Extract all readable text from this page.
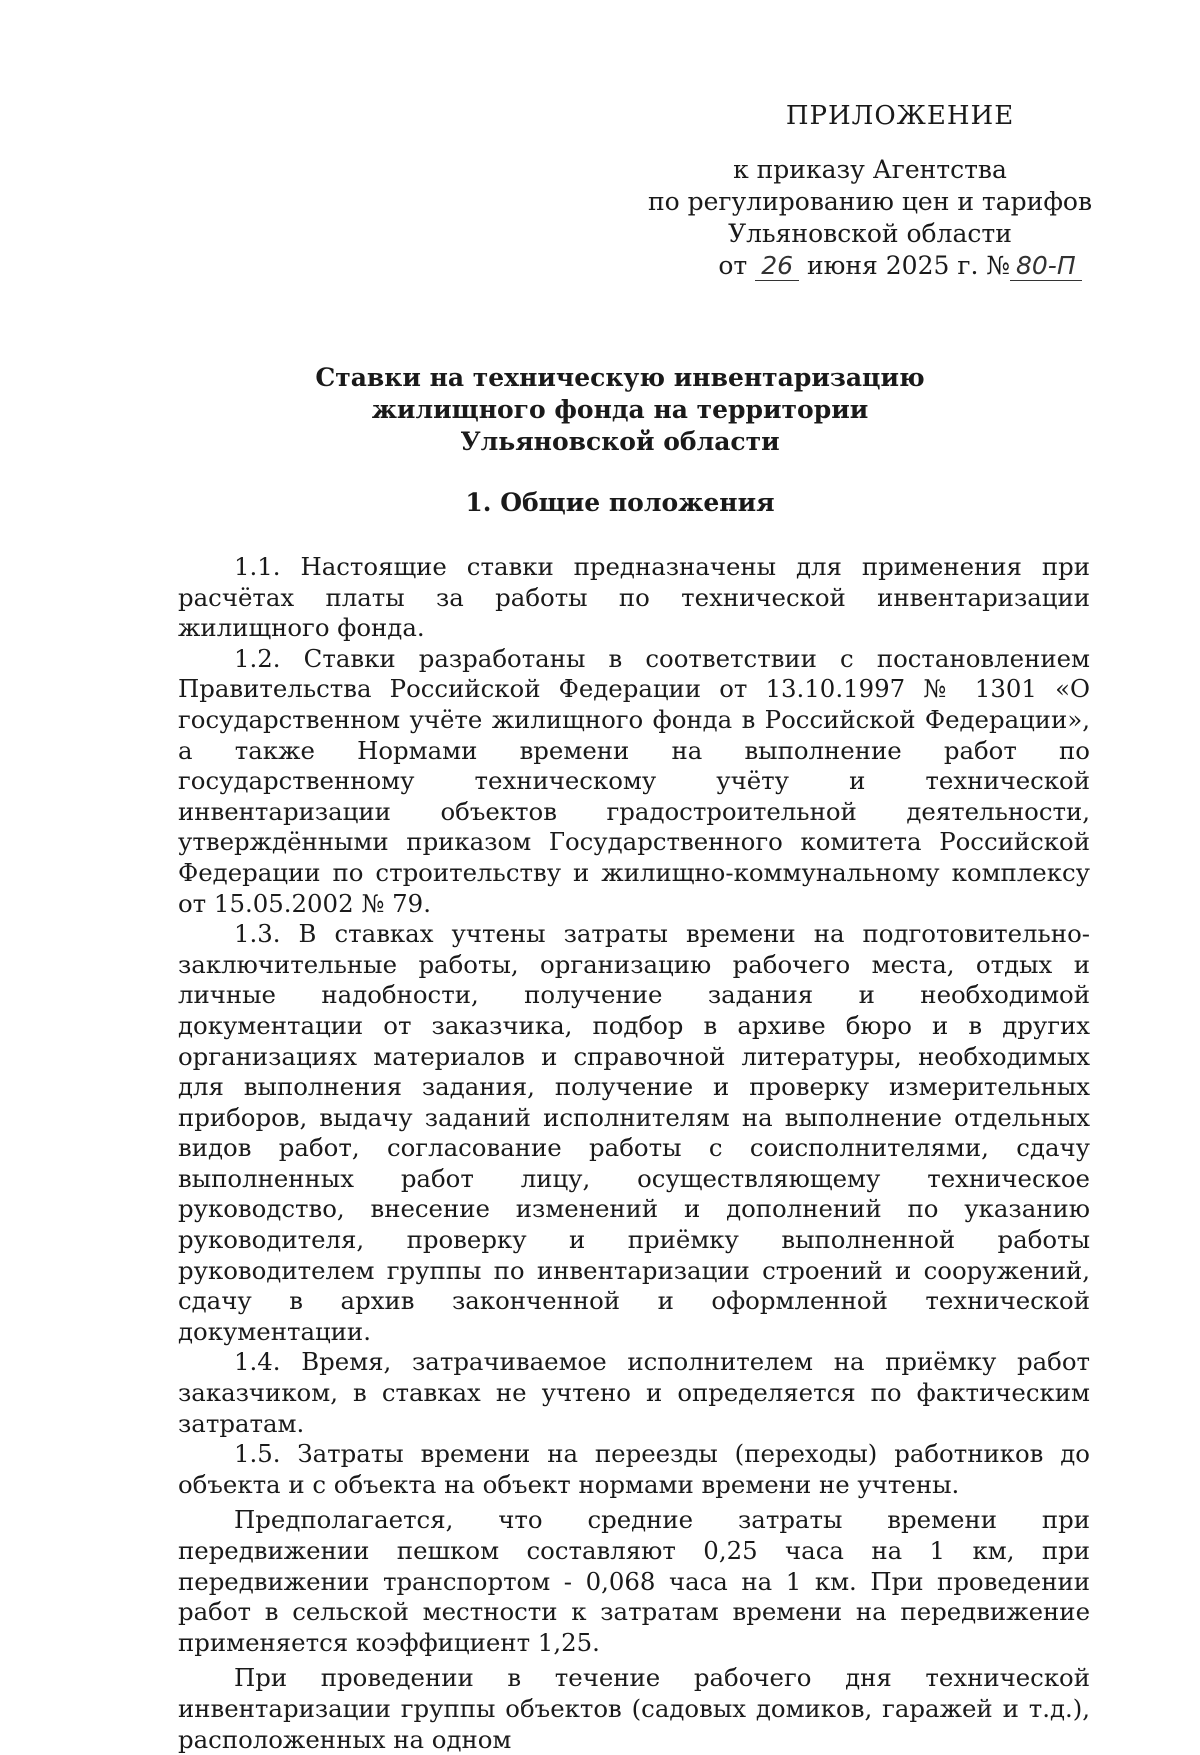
ПРИЛОЖЕНИЕ
к приказу Агентства
по регулированию цен и тарифов
Ульяновской области
от 26 июня 2025 г. № 80-П
Ставки на техническую инвентаризацию
жилищного фонда на территории
Ульяновской области
1. Общие положения

1.1. Настоящие ставки предназначены для применения при расчётах платы за работы по технической инвентаризации жилищного фонда.

1.2. Ставки разработаны в соответствии с постановлением Правительства Российской Федерации от 13.10.1997 № 1301 «О государственном учёте жилищного фонда в Российской Федерации», а также Нормами времени на выполнение работ по государственному техническому учёту и технической инвентаризации объектов градостроительной деятельности, утверждёнными приказом Государственного комитета Российской Федерации по строительству и жилищно-коммунальному комплексу от 15.05.2002 № 79.

1.3. В ставках учтены затраты времени на подготовительно-заключительные работы, организацию рабочего места, отдых и личные надобности, получение задания и необходимой документации от заказчика, подбор в архиве бюро и в других организациях материалов и справочной литературы, необходимых для выполнения задания, получение и проверку измерительных приборов, выдачу заданий исполнителям на выполнение отдельных видов работ, согласование работы с соисполнителями, сдачу выполненных работ лицу, осуществляющему техническое руководство, внесение изменений и дополнений по указанию руководителя, проверку и приёмку выполненной работы руководителем группы по инвентаризации строений и сооружений, сдачу в архив законченной и оформленной технической документации.

1.4. Время, затрачиваемое исполнителем на приёмку работ заказчиком, в ставках не учтено и определяется по фактическим затратам.

1.5. Затраты времени на переезды (переходы) работников до объекта и с объекта на объект нормами времени не учтены.

Предполагается, что средние затраты времени при передвижении пешком составляют 0,25 часа на 1 км, при передвижении транспортом - 0,068 часа на 1 км. При проведении работ в сельской местности к затратам времени на передвижение применяется коэффициент 1,25.

При проведении в течение рабочего дня технической инвентаризации группы объектов (садовых домиков, гаражей и т.д.), расположенных на одном
